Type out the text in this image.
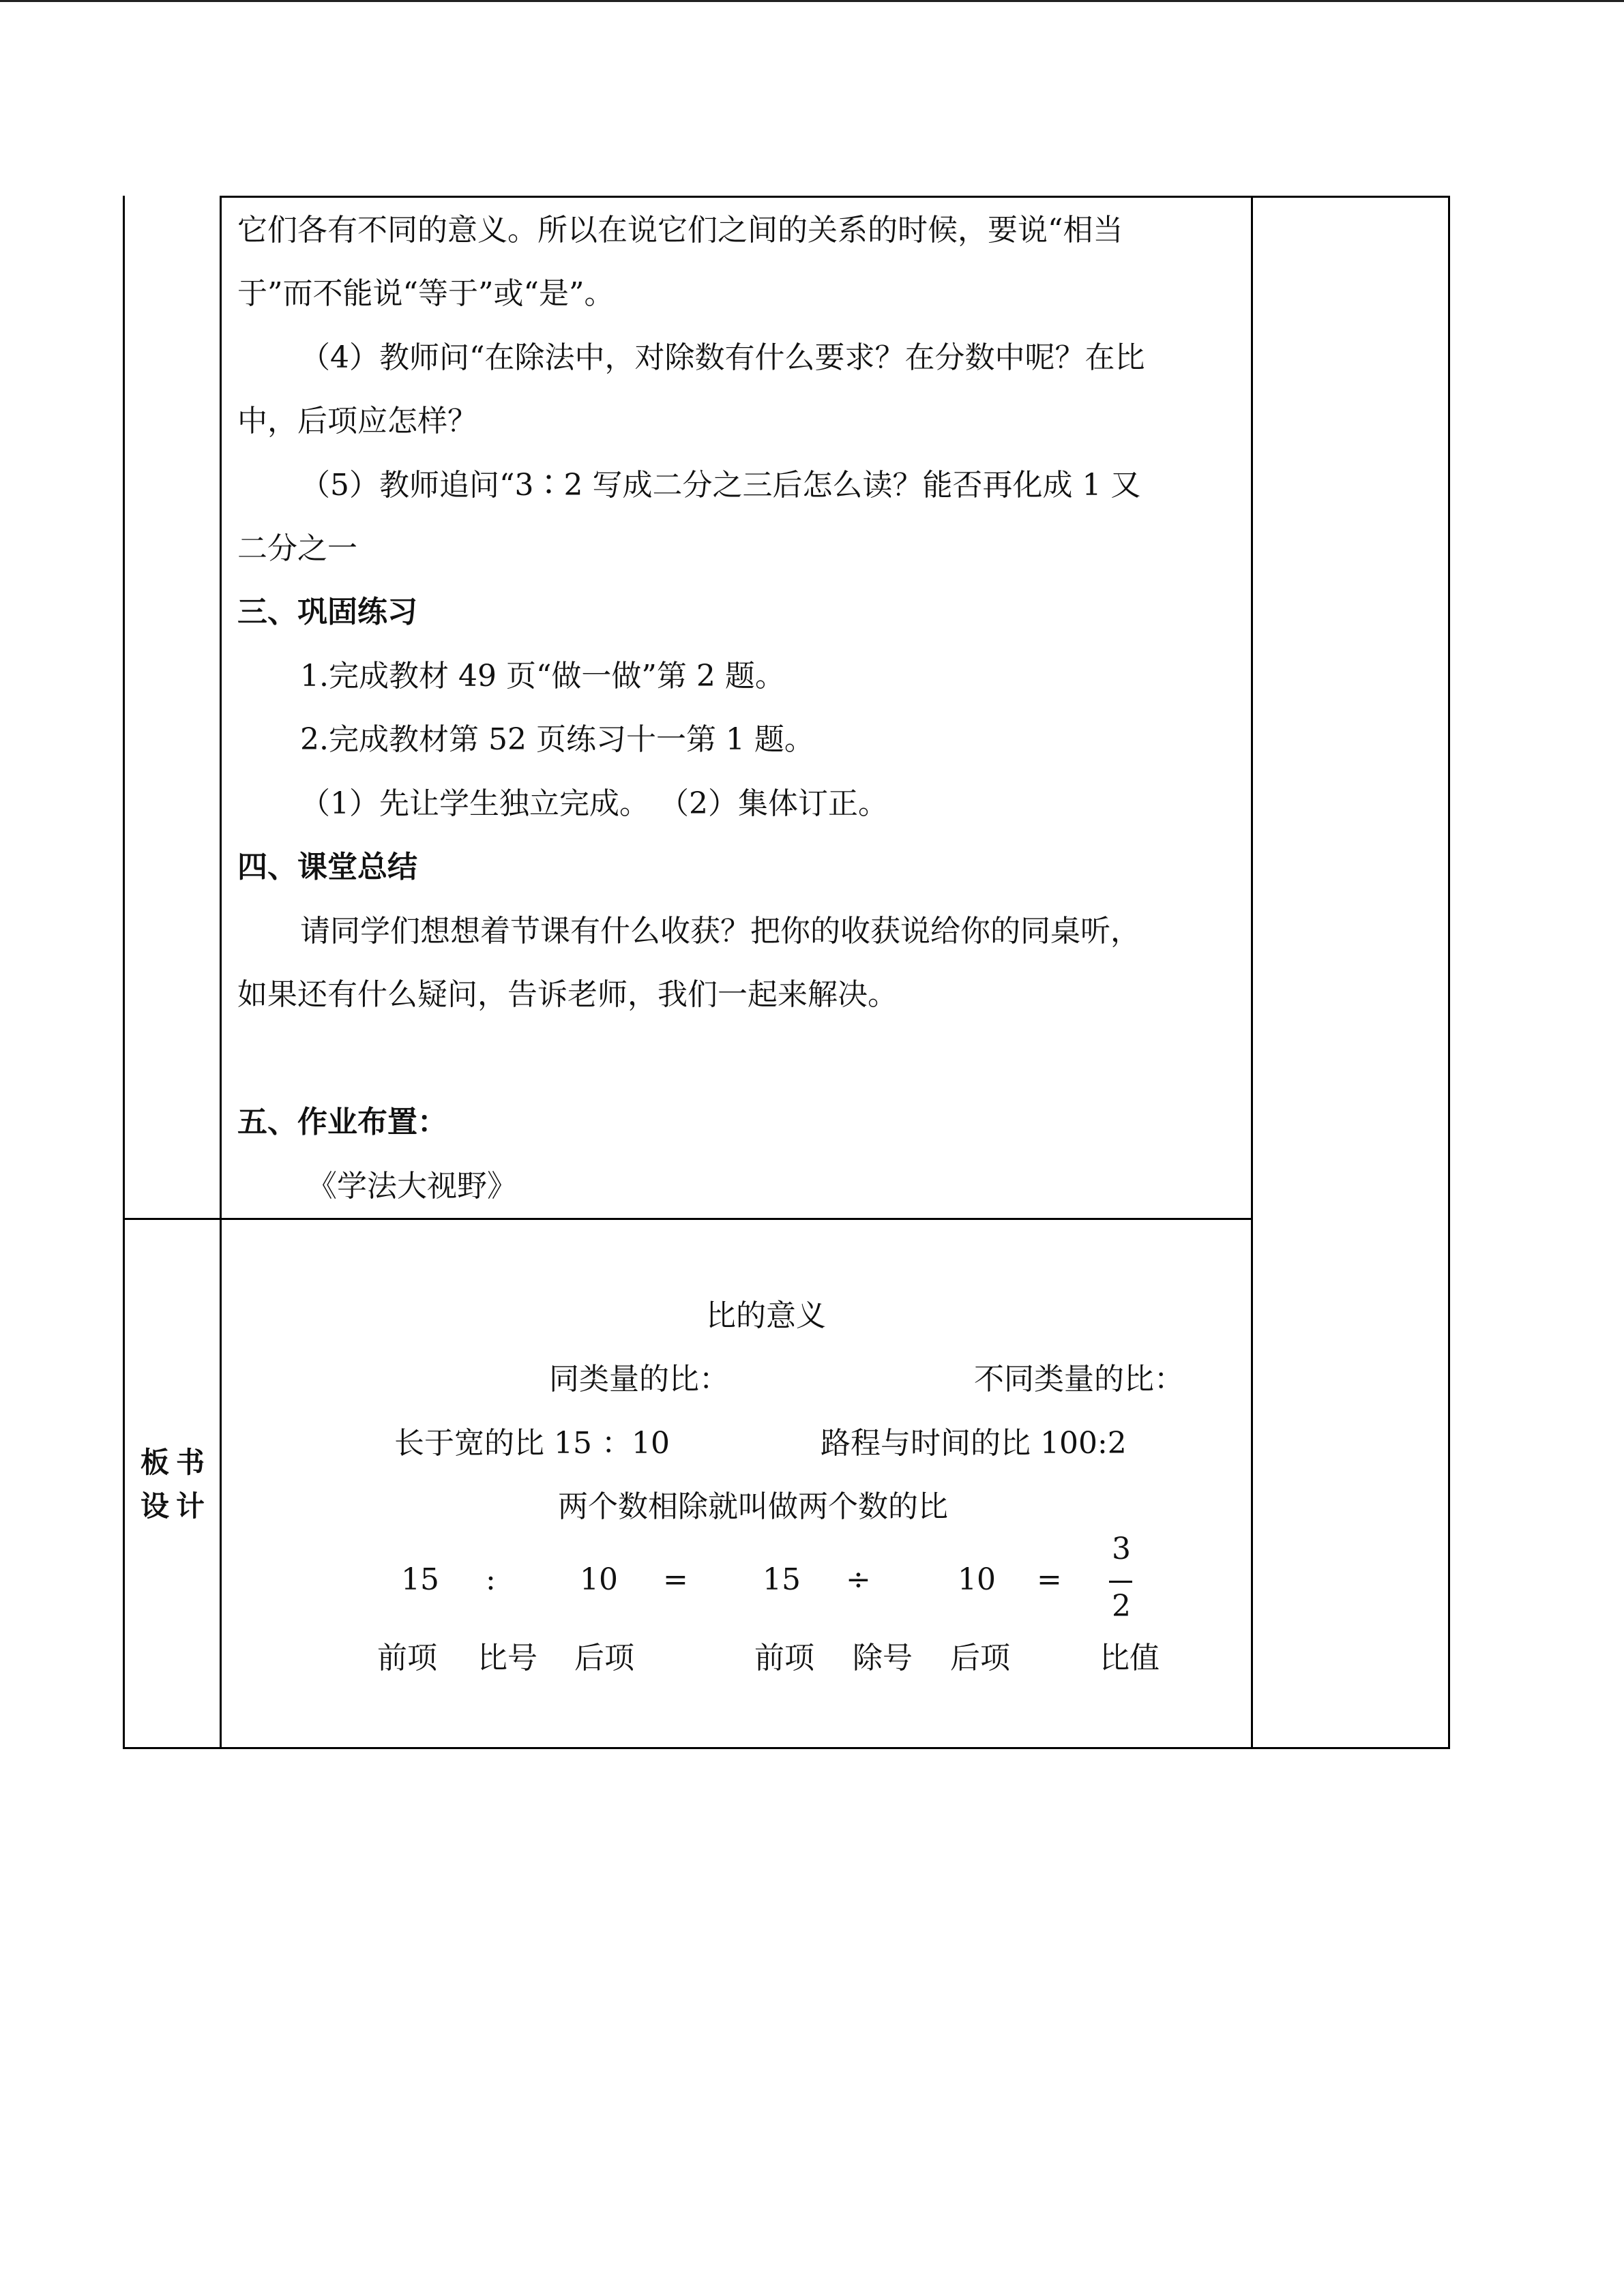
它们各有不同的意义。所以在说它们之间的关系的时候，要说“相当
于”而不能说“等于”或“是”。
（4）教师问“在除法中，对除数有什么要求？在分数中呢？在比
中，后项应怎样？
（5）教师追问“3∶2 写成二分之三后怎么读？能否再化成 1 又
二分之一
三、巩固练习
1.完成教材 49 页“做一做”第 2 题。
2.完成教材第 52 页练习十一第 1 题。
（1）先让学生独立完成。 （2）集体订正。
四、课堂总结
请同学们想想着节课有什么收获？把你的收获说给你的同桌听，
如果还有什么疑问，告诉老师，我们一起来解决。
五、作业布置：
《学法大视野》
板书
设计
比的意义
同类量的比：	不同类量的比：
长于宽的比 15 ：10	路程与时间的比 100:2
两个数相除就叫做两个数的比
15 :	10 = 15 ÷	10 =
3
2
前项 比号 后项	前项 除号 后项	比值
